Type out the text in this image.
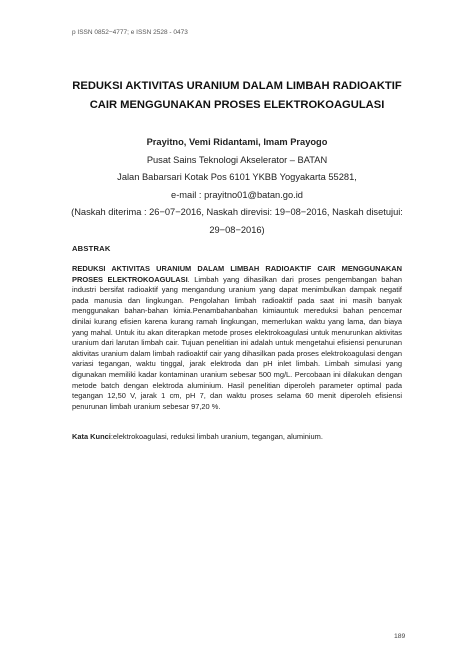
p ISSN 0852−4777; e ISSN 2528 - 0473
REDUKSI AKTIVITAS URANIUM DALAM LIMBAH RADIOAKTIF
CAIR MENGGUNAKAN PROSES ELEKTROKOAGULASI
Prayitno, Vemi Ridantami, Imam Prayogo
Pusat Sains Teknologi Akselerator – BATAN
Jalan Babarsari Kotak Pos 6101 YKBB Yogyakarta 55281,
e-mail : prayitno01@batan.go.id
(Naskah diterima : 26−07−2016, Naskah direvisi: 19−08−2016, Naskah disetujui:
29−08−2016)
ABSTRAK
REDUKSI AKTIVITAS URANIUM DALAM LIMBAH RADIOAKTIF CAIR MENGGUNAKAN PROSES ELEKTROKOAGULASI. Limbah yang dihasilkan dari proses pengembangan bahan industri bersifat radioaktif yang mengandung uranium yang dapat menimbulkan dampak negatif pada manusia dan lingkungan. Pengolahan limbah radioaktif pada saat ini masih banyak menggunakan bahan-bahan kimia.Penambahanbahan kimiauntuk mereduksi bahan pencemar dinilai kurang efisien karena kurang ramah lingkungan, memerlukan waktu yang lama, dan biaya yang mahal. Untuk itu akan diterapkan metode proses elektrokoagulasi untuk menurunkan aktivitas uranium dari larutan limbah cair. Tujuan penelitian ini adalah untuk mengetahui efisiensi penurunan aktivitas uranium dalam limbah radioaktif cair yang dihasilkan pada proses elektrokoagulasi dengan variasi tegangan, waktu tinggal, jarak elektroda dan pH inlet limbah. Limbah simulasi yang digunakan memiliki kadar kontaminan uranium sebesar 500 mg/L. Percobaan ini dilakukan dengan metode batch dengan elektroda aluminium. Hasil penelitian diperoleh parameter optimal pada tegangan 12,50 V, jarak 1 cm, pH 7, dan waktu proses selama 60 menit diperoleh efisiensi penurunan limbah uranium sebesar 97,20 %.
Kata Kunci:elektrokoagulasi, reduksi limbah uranium, tegangan, aluminium.
189
